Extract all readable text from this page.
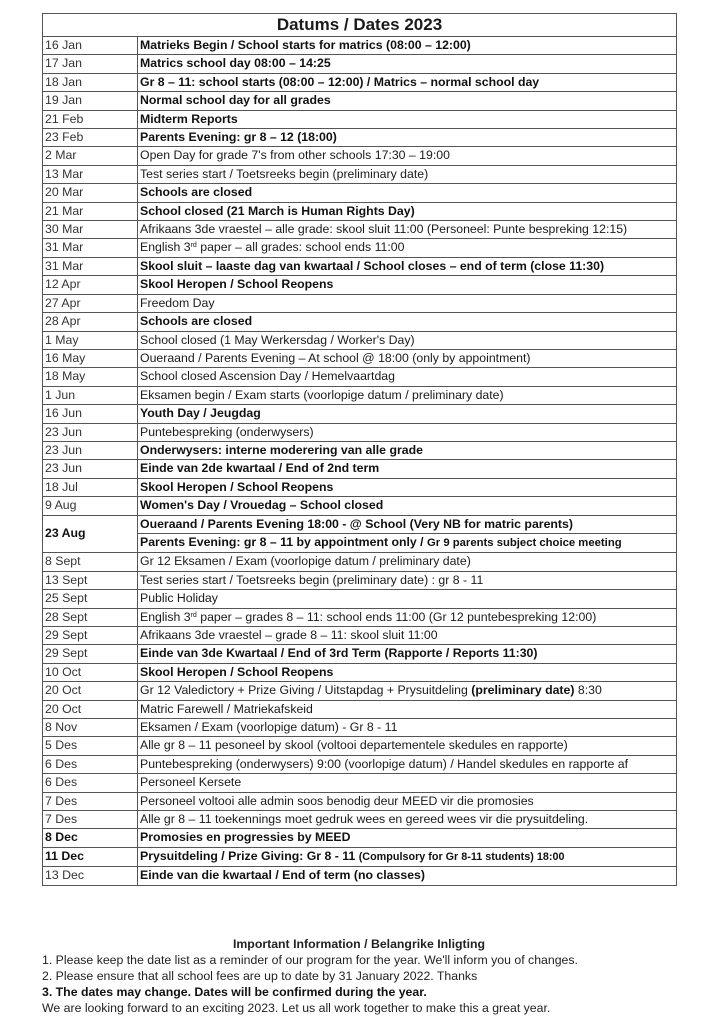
Datums / Dates 2023	
16 Jan	Matrieks Begin / School starts for matrics (08:00 – 12:00)
17 Jan	Matrics school day 08:00 – 14:25
18 Jan	Gr 8 – 11: school starts (08:00 – 12:00) / Matrics – normal school day
19 Jan	Normal school day for all grades
21 Feb	Midterm Reports
23 Feb	Parents Evening: gr 8 – 12 (18:00)
2 Mar	Open Day for grade 7's from other schools 17:30 – 19:00
13 Mar	Test series start / Toetsreeks begin (preliminary date)
20 Mar	Schools are closed
21 Mar	School closed (21 March is Human Rights Day)
30 Mar	Afrikaans 3de vraestel – alle grade: skool sluit 11:00 (Personeel: Punte bespreking 12:15)
31 Mar	English 3rd paper – all grades: school ends 11:00
31 Mar	Skool sluit – laaste dag van kwartaal / School closes – end of term (close 11:30)
12 Apr	Skool Heropen / School Reopens
27 Apr	Freedom Day
28 Apr	Schools are closed
1 May	School closed (1 May Werkersdag / Worker's Day)
16 May	Oueraand / Parents Evening – At school @ 18:00 (only by appointment)
18 May	School closed Ascension Day / Hemelvaartdag
1 Jun	Eksamen begin / Exam starts (voorlopige datum / preliminary date)
16 Jun	Youth Day / Jeugdag
23 Jun	Puntebespreking (onderwysers)
23 Jun	Onderwysers: interne moderering van alle grade
23 Jun	Einde van 2de kwartaal / End of 2nd term
18 Jul	Skool Heropen / School Reopens
9 Aug	Women's Day / Vrouedag – School closed
23 Aug	Oueraand / Parents Evening 18:00 - @ School (Very NB for matric parents)
	Parents Evening: gr 8 – 11 by appointment only / Gr 9 parents subject choice meeting
8 Sept	Gr 12 Eksamen / Exam (voorlopige datum / preliminary date)
13 Sept	Test series start / Toetsreeks begin (preliminary date) : gr 8 - 11
25 Sept	Public Holiday
28 Sept	English 3rd paper – grades 8 – 11: school ends 11:00 (Gr 12 puntebespreking 12:00)
29 Sept	Afrikaans 3de vraestel – grade 8 – 11: skool sluit 11:00
29 Sept	Einde van 3de Kwartaal / End of 3rd Term (Rapporte / Reports 11:30)
10 Oct	Skool Heropen / School Reopens
20 Oct	Gr 12 Valedictory + Prize Giving / Uitstapdag + Prysuitdeling (preliminary date) 8:30
20 Oct	Matric Farewell / Matriekafskeid
8 Nov	Eksamen / Exam (voorlopige datum) - Gr 8 - 11
5 Des	Alle gr 8 – 11 pesoneel by skool (voltooi departementele skedules en rapporte)
6 Des	Puntebespreking (onderwysers) 9:00 (voorlopige datum) / Handel skedules en rapporte af
6 Des	Personeel Kersete
7 Des	Personeel voltooi alle admin soos benodig deur MEED vir die promosies
7 Des	Alle gr 8 – 11 toekennings moet gedruk wees en gereed wees vir die prysuitdeling.
8 Dec	Promosies en progressies by MEED
11 Dec	Prysuitdeling / Prize Giving: Gr 8 - 11 (Compulsory for Gr 8-11 students) 18:00
13 Dec	Einde van die kwartaal / End of term (no classes)
Important Information / Belangrike Inligting
1. Please keep the date list as a reminder of our program for the year. We'll inform you of changes.
2. Please ensure that all school fees are up to date by 31 January 2022. Thanks
3. The dates may change. Dates will be confirmed during the year.
We are looking forward to an exciting 2023. Let us all work together to make this a great year.
